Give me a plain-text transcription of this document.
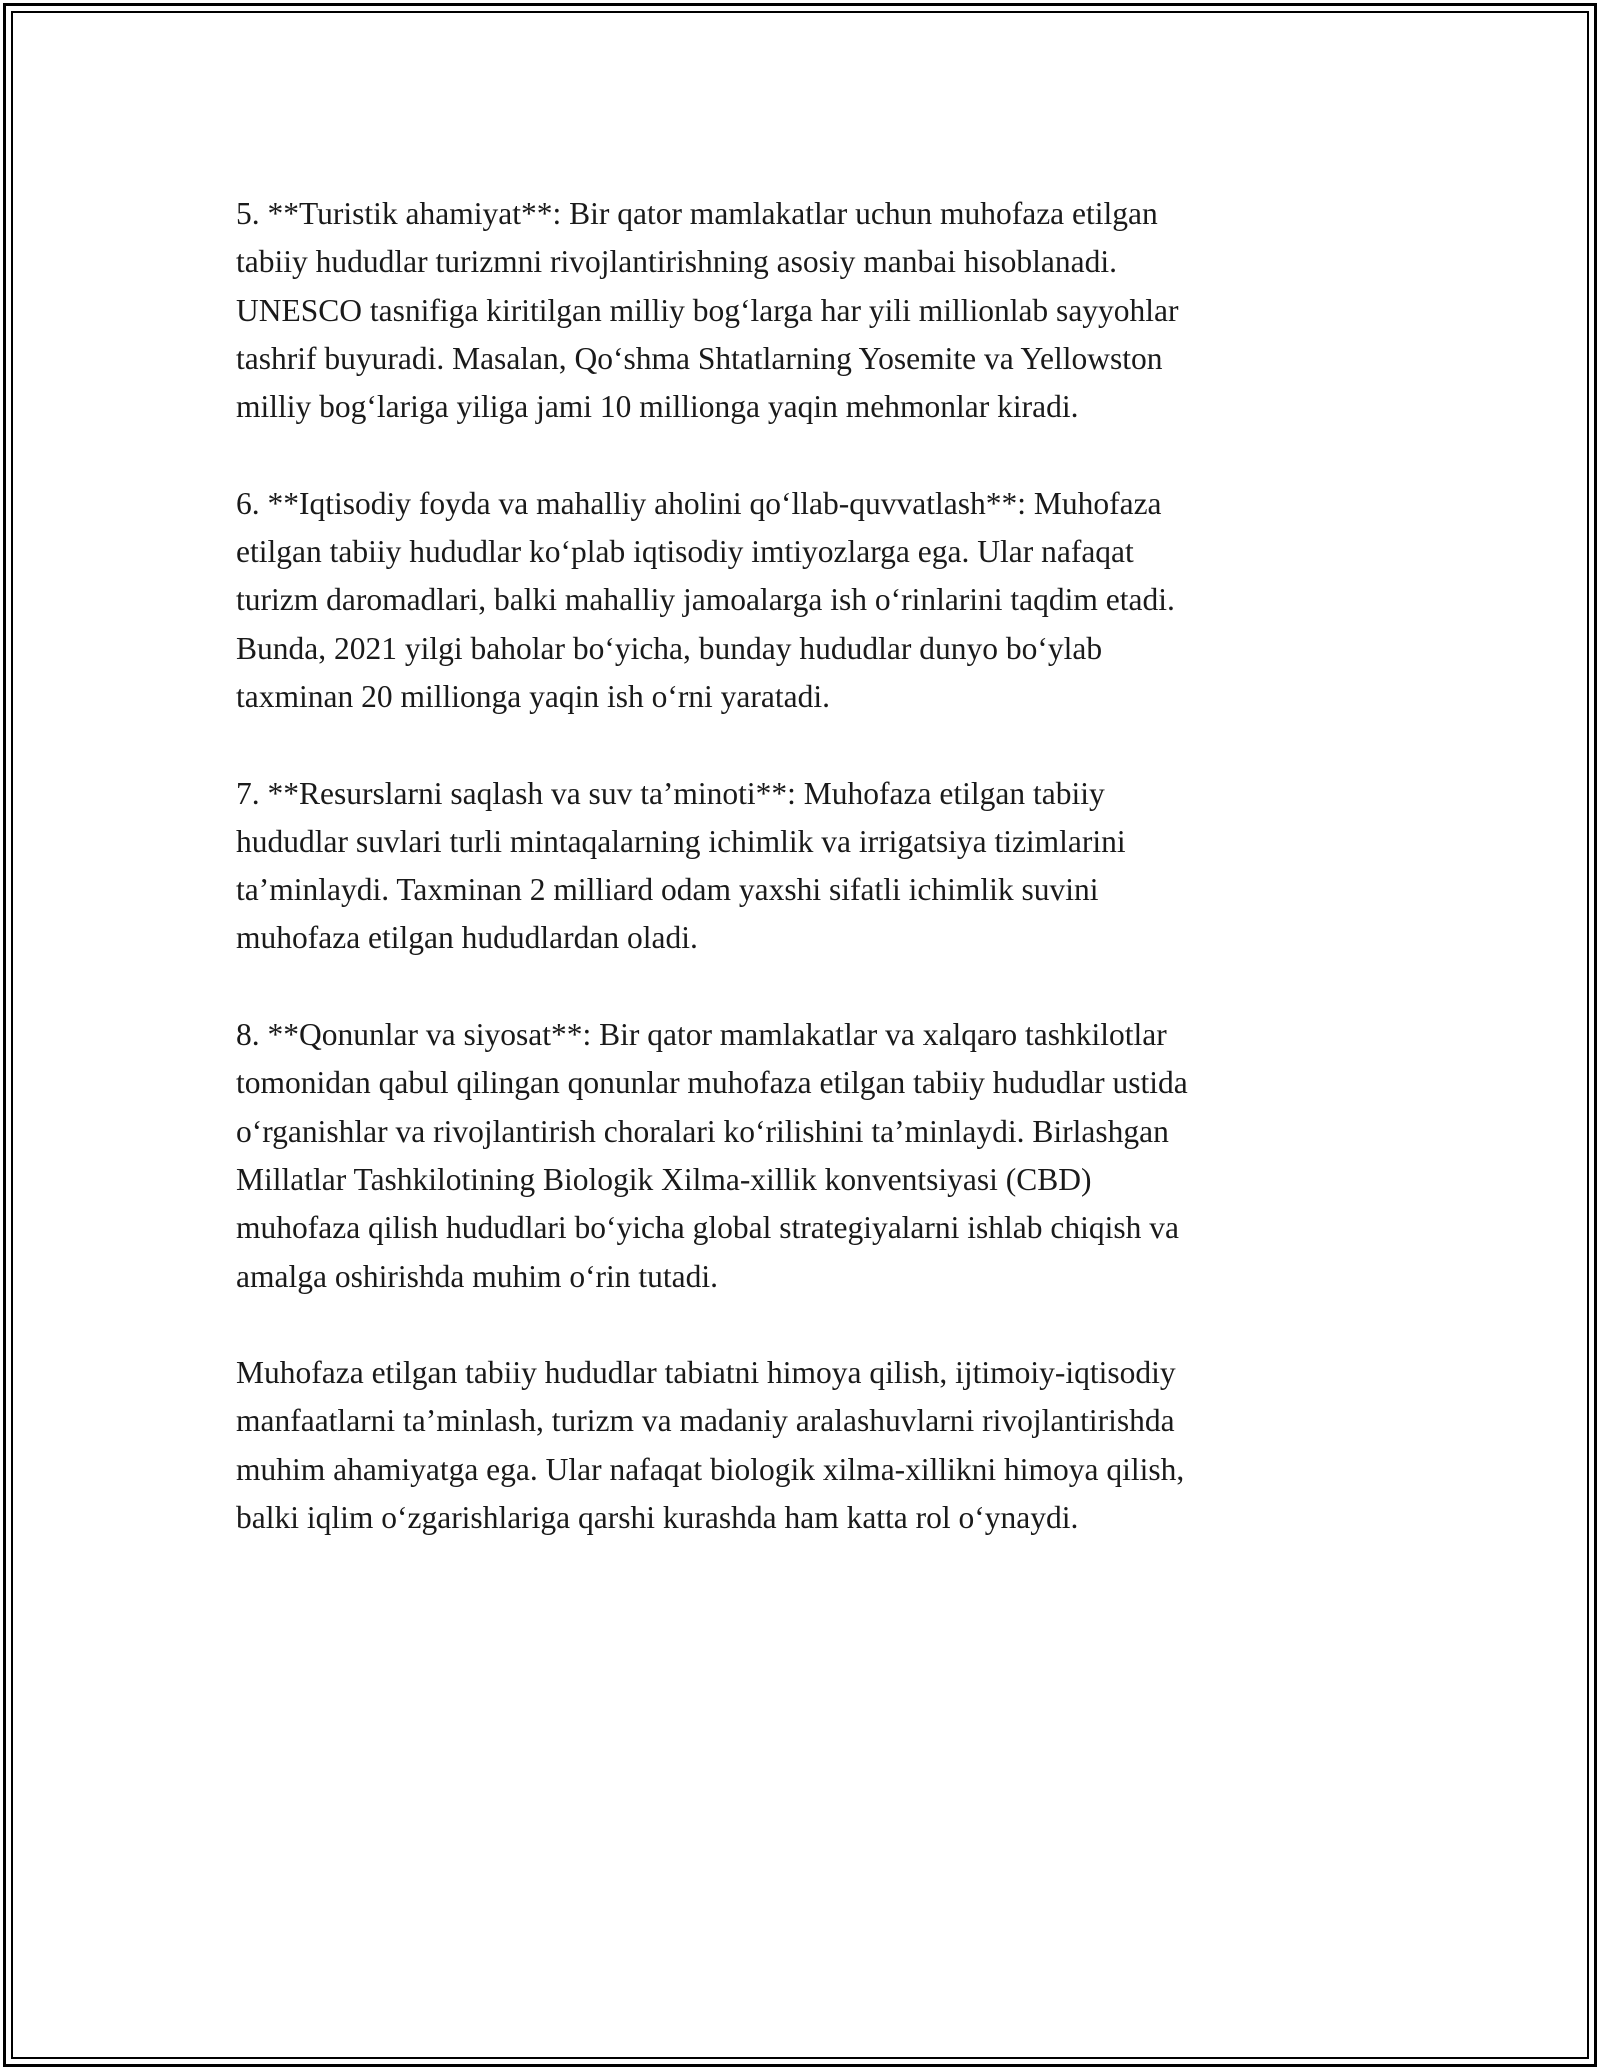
5. **Turistik ahamiyat**: Bir qator mamlakatlar uchun muhofaza etilgan
tabiiy hududlar turizmni rivojlantirishning asosiy manbai hisoblanadi.
UNESCO tasnifiga kiritilgan milliy bog‘larga har yili millionlab sayyohlar
tashrif buyuradi. Masalan, Qo‘shma Shtatlarning Yosemite va Yellowston
milliy bog‘lariga yiliga jami 10 millionga yaqin mehmonlar kiradi.

6. **Iqtisodiy foyda va mahalliy aholini qo‘llab-quvvatlash**: Muhofaza
etilgan tabiiy hududlar ko‘plab iqtisodiy imtiyozlarga ega. Ular nafaqat
turizm daromadlari, balki mahalliy jamoalarga ish o‘rinlarini taqdim etadi.
Bunda, 2021 yilgi baholar bo‘yicha, bunday hududlar dunyo bo‘ylab
taxminan 20 millionga yaqin ish o‘rni yaratadi.

7. **Resurslarni saqlash va suv ta’minoti**: Muhofaza etilgan tabiiy
hududlar suvlari turli mintaqalarning ichimlik va irrigatsiya tizimlarini
ta’minlaydi. Taxminan 2 milliard odam yaxshi sifatli ichimlik suvini
muhofaza etilgan hududlardan oladi.

8. **Qonunlar va siyosat**: Bir qator mamlakatlar va xalqaro tashkilotlar
tomonidan qabul qilingan qonunlar muhofaza etilgan tabiiy hududlar ustida
o‘rganishlar va rivojlantirish choralari ko‘rilishini ta’minlaydi. Birlashgan
Millatlar Tashkilotining Biologik Xilma-xillik konventsiyasi (CBD)
muhofaza qilish hududlari bo‘yicha global strategiyalarni ishlab chiqish va
amalga oshirishda muhim o‘rin tutadi.

Muhofaza etilgan tabiiy hududlar tabiatni himoya qilish, ijtimoiy-iqtisodiy
manfaatlarni ta’minlash, turizm va madaniy aralashuvlarni rivojlantirishda
muhim ahamiyatga ega. Ular nafaqat biologik xilma-xillikni himoya qilish,
balki iqlim o‘zgarishlariga qarshi kurashda ham katta rol o‘ynaydi.
